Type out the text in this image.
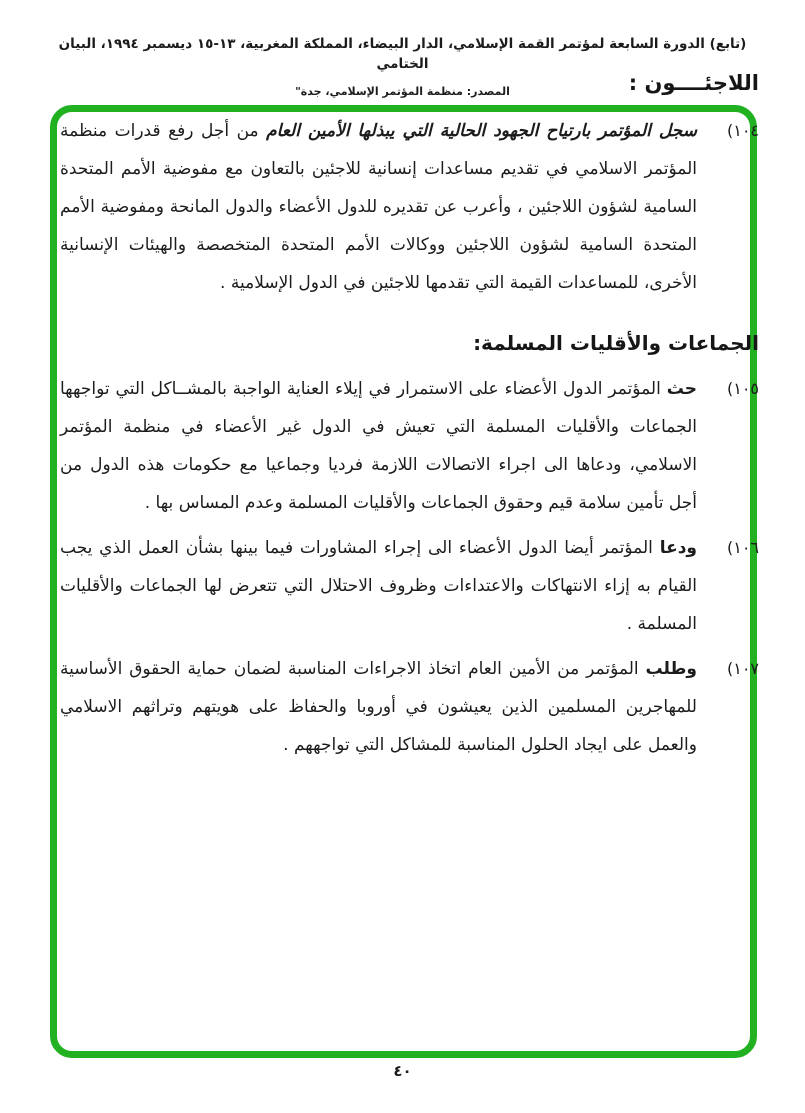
(تابع) الدورة السابعة لمؤتمر القمة الإسلامي، الدار البيضاء، المملكة المغربية، ١٣-١٥ ديسمبر ١٩٩٤، البيان الختامي
المصدر: منظمة المؤتمر الإسلامي، جدة"	اللاجئــــون :
١٠٤)
سجل المؤتمر بارتياح الجهود الحالية التي يبذلها الأمين العام من أجل رفع قدرات منظمة المؤتمر الاسلامي في تقديم مساعدات إنسانية للاجئين بالتعاون مع مفوضية الأمم المتحدة السامية لشؤون اللاجئين ، وأعرب عن تقديره للدول الأعضاء والدول المانحة ومفوضية الأمم المتحدة السامية لشؤون اللاجئين ووكالات الأمم المتحدة المتخصصة والهيئات الإنسانية الأخرى، للمساعدات القيمة التي تقدمها للاجئين في الدول الإسلامية .
الجماعات والأقليات المسلمة:
١٠٥)
حث المؤتمر الدول الأعضاء على الاستمرار في إيلاء العناية الواجبة بالمشــاكل التي تواجهها الجماعات والأقليات المسلمة التي تعيش في الدول غير الأعضاء في منظمة المؤتمر الاسلامي، ودعاها الى اجراء الاتصالات اللازمة فرديا وجماعيا مع حكومات هذه الدول من أجل تأمين سلامة قيم وحقوق الجماعات والأقليات المسلمة وعدم المساس بها .
١٠٦)
ودعا المؤتمر أيضا الدول الأعضاء الى إجراء المشاورات فيما بينها بشأن العمل الذي يجب القيام به إزاء الانتهاكات والاعتداءات وظروف الاحتلال التي تتعرض لها الجماعات والأقليات المسلمة .
١٠٧)
وطلب المؤتمر من الأمين العام اتخاذ الاجراءات المناسبة لضمان حماية الحقوق الأساسية للمهاجرين المسلمين الذين يعيشون في أوروبا والحفاظ على هويتهم وتراثهم الاسلامي والعمل على ايجاد الحلول المناسبة للمشاكل التي تواجههم .
٤٠
